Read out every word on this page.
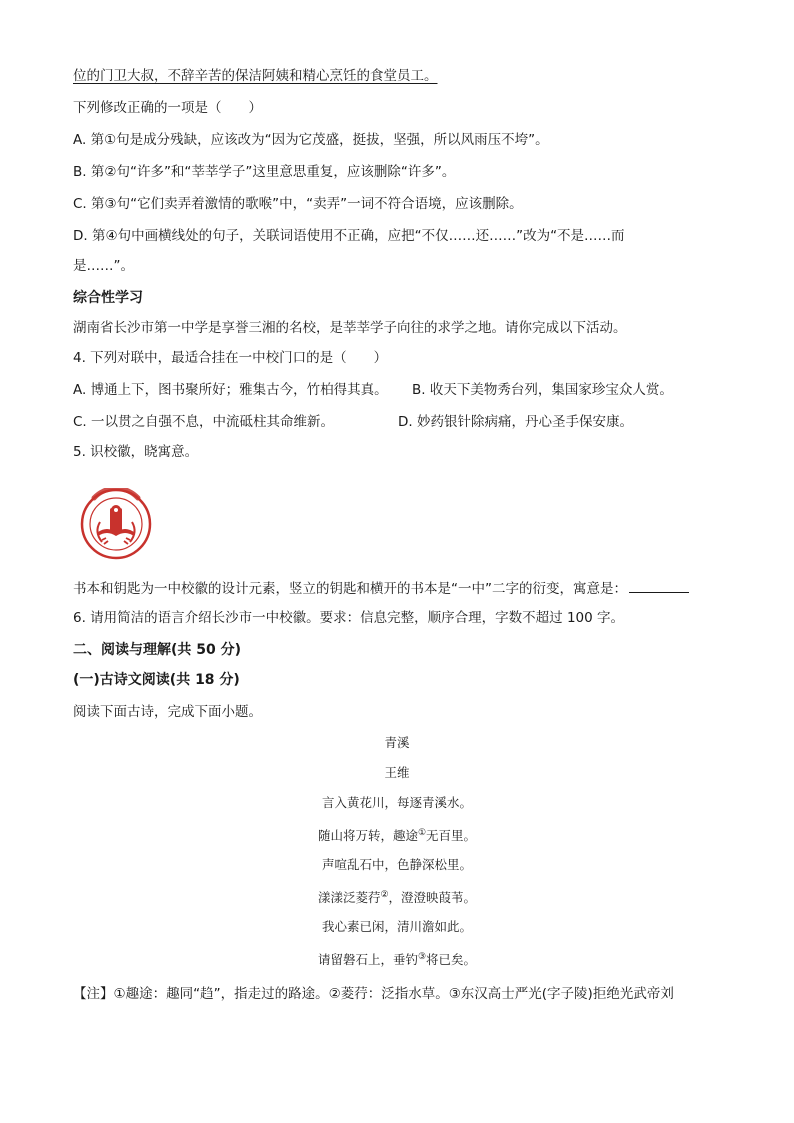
位的门卫大叔，不辞辛苦的保洁阿姨和精心烹饪的食堂员工。
下列修改正确的一项是（　　）
A. 第①句是成分残缺，应该改为“因为它茂盛，挺拔，坚强，所以风雨压不垮”。
B. 第②句“许多”和“莘莘学子”这里意思重复，应该删除“许多”。
C. 第③句“它们卖弄着激情的歌喉”中，“卖弄”一词不符合语境，应该删除。
D. 第④句中画横线处的句子，关联词语使用不正确，应把“不仅……还……”改为“不是……而
是……”。
综合性学习
湖南省长沙市第一中学是享誉三湘的名校，是莘莘学子向往的求学之地。请你完成以下活动。
4. 下列对联中，最适合挂在一中校门口的是（　　）
A. 博通上下，图书聚所好；雅集古今，竹柏得其真。 B. 收天下美物秀台列，集国家珍宝众人赏。
C. 一以贯之自强不息，中流砥柱其命维新。	D. 妙药银针除病痛，丹心圣手保安康。
5. 识校徽，晓寓意。
书本和钥匙为一中校徽的设计元素，竖立的钥匙和横开的书本是“一中”二字的衍变，寓意是：
6. 请用简洁的语言介绍长沙市一中校徽。要求：信息完整，顺序合理，字数不超过 100 字。
二、阅读与理解(共 50 分)
(一)古诗文阅读(共 18 分)
阅读下面古诗，完成下面小题。
青溪
王维
言入黄花川，每逐青溪水。
随山将万转，趣途①无百里。
声喧乱石中，色静深松里。
漾漾泛菱荇②，澄澄映葭苇。
我心素已闲，清川澹如此。
请留磐石上，垂钓③将已矣。
【注】①趣途：趣同“趋”，指走过的路途。②菱荇：泛指水草。③东汉高士严光(字子陵)拒绝光武帝刘
